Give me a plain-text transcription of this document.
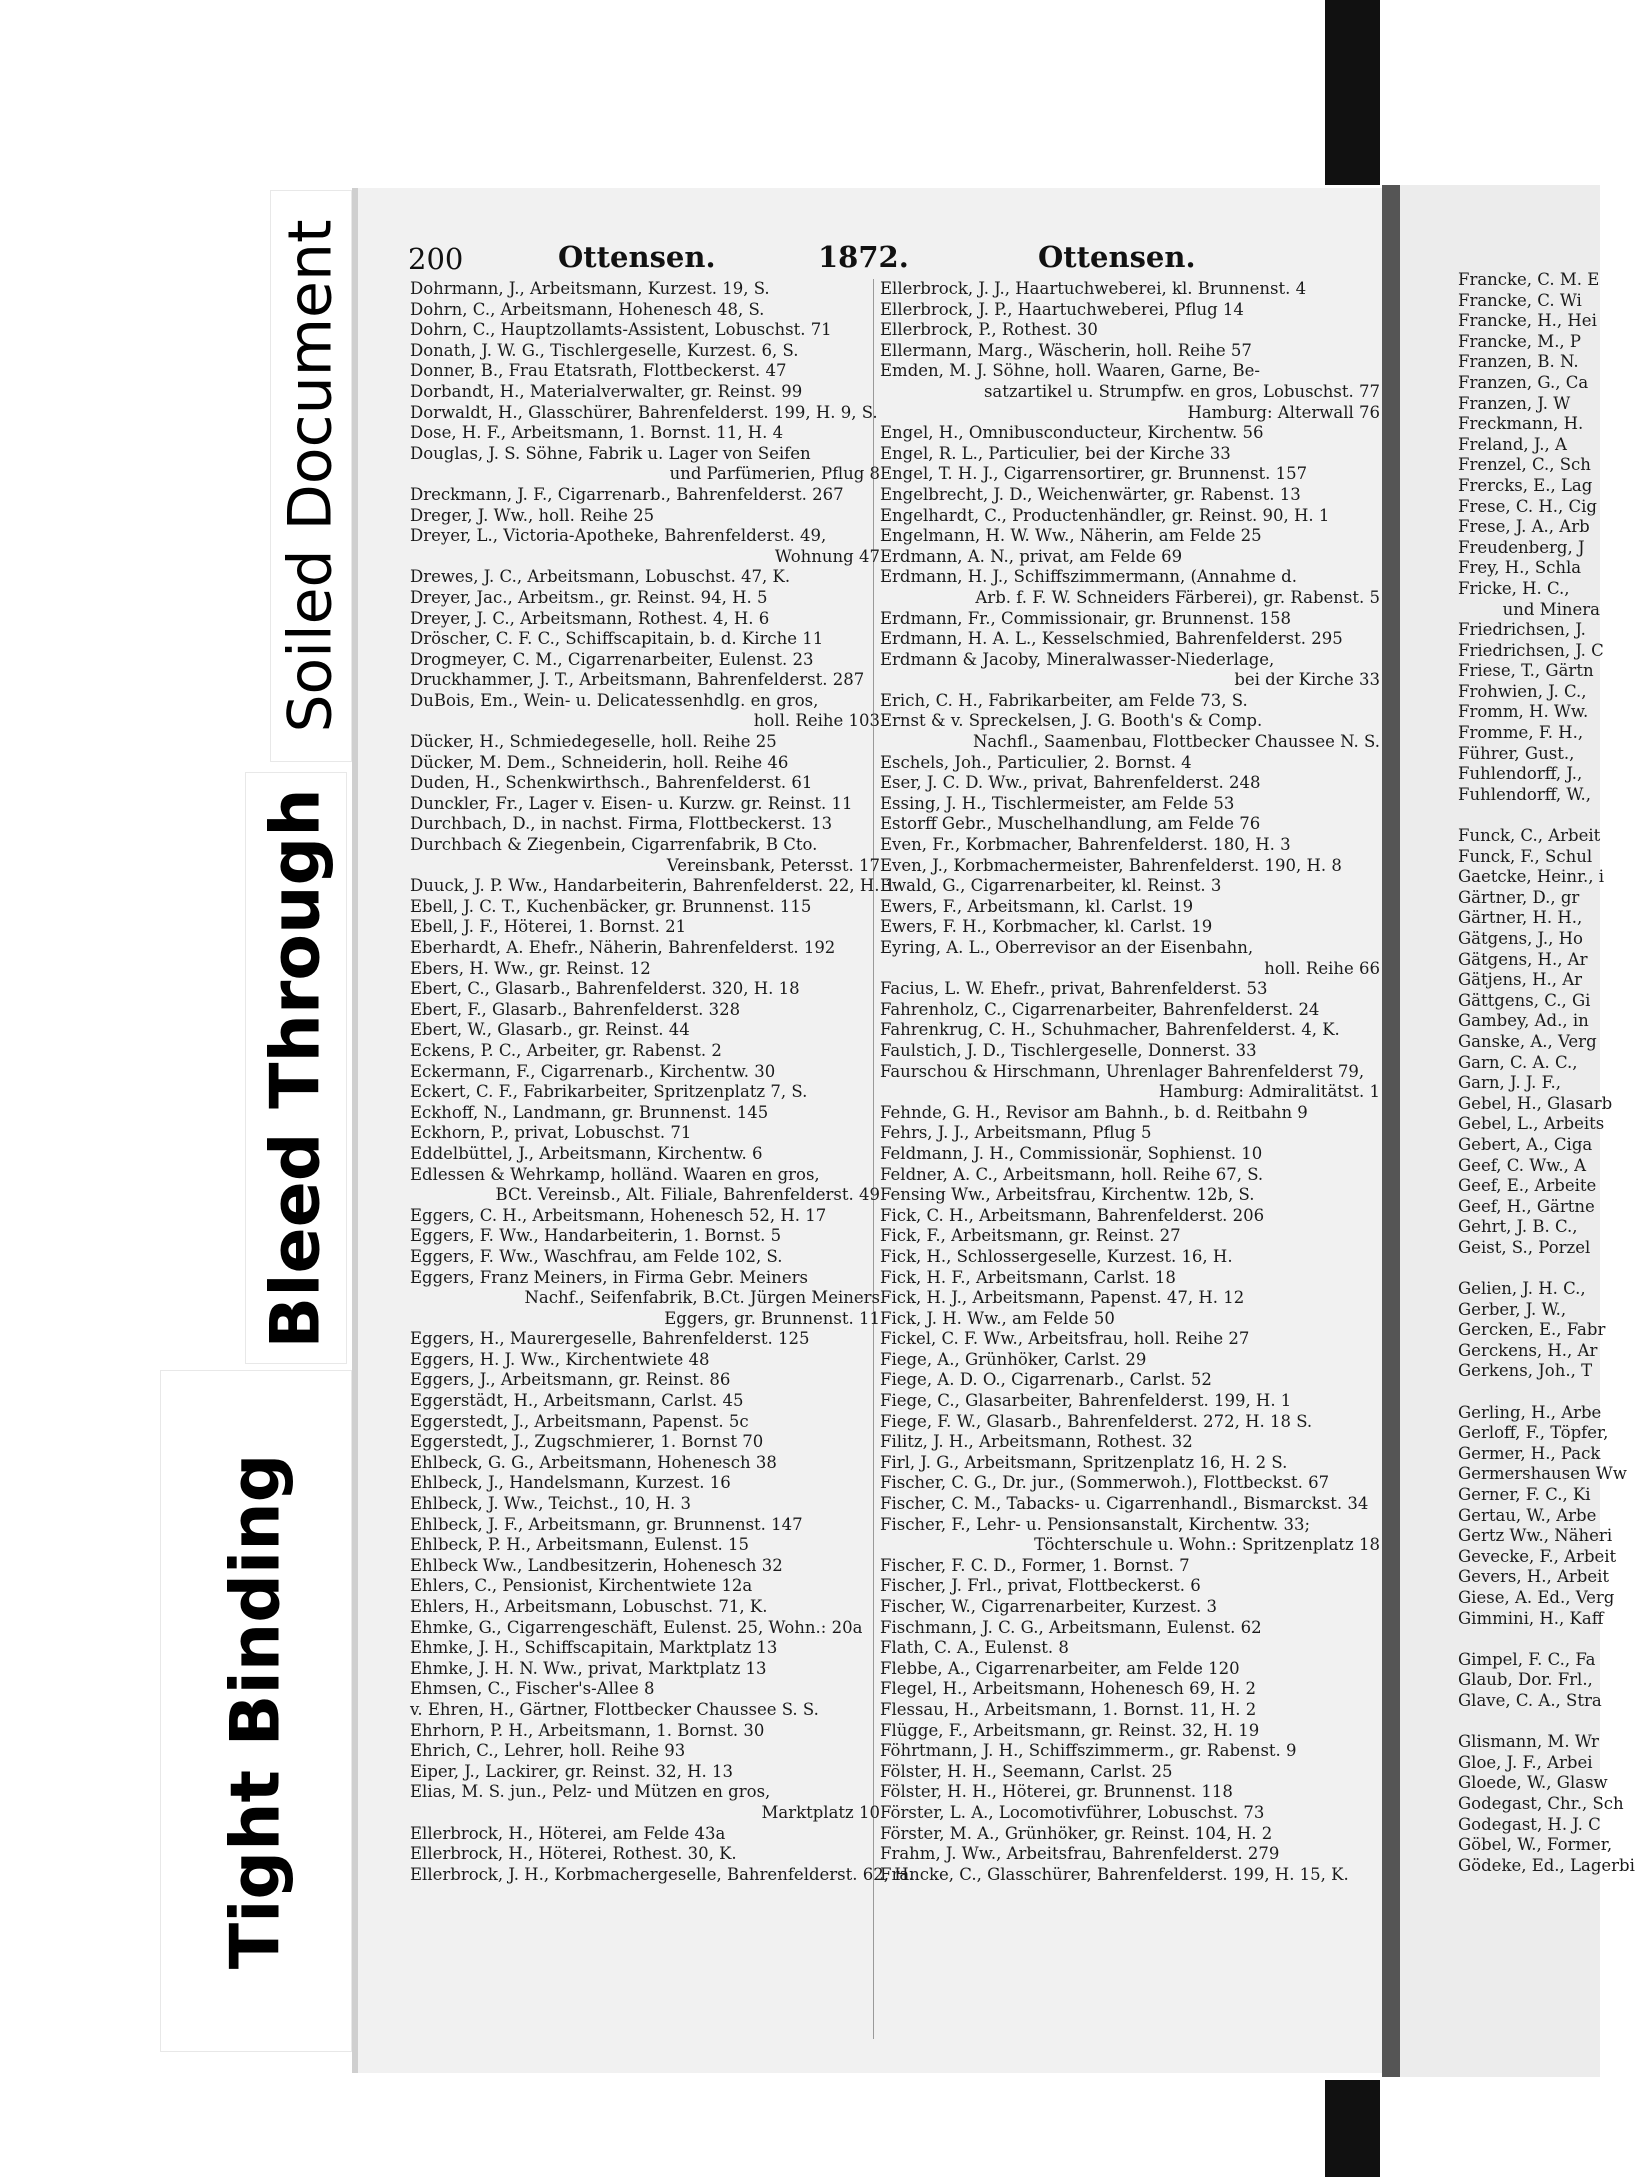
Soiled Document
Bleed Through
Tight Binding
200	Ottensen.	1872.	Ottensen.
Dohrmann, J., Arbeitsmann, Kurzest. 19, S.
Dohrn, C., Arbeitsmann, Hohenesch 48, S.
Dohrn, C., Hauptzollamts-Assistent, Lobuschst. 71
Donath, J. W. G., Tischlergeselle, Kurzest. 6, S.
Donner, B., Frau Etatsrath, Flottbeckerst. 47
Dorbandt, H., Materialverwalter, gr. Reinst. 99
Dorwaldt, H., Glasschürer, Bahrenfelderst. 199, H. 9, S.
Dose, H. F., Arbeitsmann, 1. Bornst. 11, H. 4
Douglas, J. S. Söhne, Fabrik u. Lager von Seifen
und Parfümerien, Pflug 8
Dreckmann, J. F., Cigarrenarb., Bahrenfelderst. 267
Dreger, J. Ww., holl. Reihe 25
Dreyer, L., Victoria-Apotheke, Bahrenfelderst. 49,
Wohnung 47
Drewes, J. C., Arbeitsmann, Lobuschst. 47, K.
Dreyer, Jac., Arbeitsm., gr. Reinst. 94, H. 5
Dreyer, J. C., Arbeitsmann, Rothest. 4, H. 6
Dröscher, C. F. C., Schiffscapitain, b. d. Kirche 11
Drogmeyer, C. M., Cigarrenarbeiter, Eulenst. 23
Druckhammer, J. T., Arbeitsmann, Bahrenfelderst. 287
DuBois, Em., Wein- u. Delicatessenhdlg. en gros,
holl. Reihe 103
Dücker, H., Schmiedegeselle, holl. Reihe 25
Dücker, M. Dem., Schneiderin, holl. Reihe 46
Duden, H., Schenkwirthsch., Bahrenfelderst. 61
Dunckler, Fr., Lager v. Eisen- u. Kurzw. gr. Reinst. 11
Durchbach, D., in nachst. Firma, Flottbeckerst. 13
Durchbach & Ziegenbein, Cigarrenfabrik, B Cto.
Vereinsbank, Petersst. 17
Duuck, J. P. Ww., Handarbeiterin, Bahrenfelderst. 22, H. 1
Ebell, J. C. T., Kuchenbäcker, gr. Brunnenst. 115
Ebell, J. F., Höterei, 1. Bornst. 21
Eberhardt, A. Ehefr., Näherin, Bahrenfelderst. 192
Ebers, H. Ww., gr. Reinst. 12
Ebert, C., Glasarb., Bahrenfelderst. 320, H. 18
Ebert, F., Glasarb., Bahrenfelderst. 328
Ebert, W., Glasarb., gr. Reinst. 44
Eckens, P. C., Arbeiter, gr. Rabenst. 2
Eckermann, F., Cigarrenarb., Kirchentw. 30
Eckert, C. F., Fabrikarbeiter, Spritzenplatz 7, S.
Eckhoff, N., Landmann, gr. Brunnenst. 145
Eckhorn, P., privat, Lobuschst. 71
Eddelbüttel, J., Arbeitsmann, Kirchentw. 6
Edlessen & Wehrkamp, holländ. Waaren en gros,
BCt. Vereinsb., Alt. Filiale, Bahrenfelderst. 49
Eggers, C. H., Arbeitsmann, Hohenesch 52, H. 17
Eggers, F. Ww., Handarbeiterin, 1. Bornst. 5
Eggers, F. Ww., Waschfrau, am Felde 102, S.
Eggers, Franz Meiners, in Firma Gebr. Meiners
Nachf., Seifenfabrik, B.Ct. Jürgen Meiners
Eggers, gr. Brunnenst. 11
Eggers, H., Maurergeselle, Bahrenfelderst. 125
Eggers, H. J. Ww., Kirchentwiete 48
Eggers, J., Arbeitsmann, gr. Reinst. 86
Eggerstädt, H., Arbeitsmann, Carlst. 45
Eggerstedt, J., Arbeitsmann, Papenst. 5c
Eggerstedt, J., Zugschmierer, 1. Bornst 70
Ehlbeck, G. G., Arbeitsmann, Hohenesch 38
Ehlbeck, J., Handelsmann, Kurzest. 16
Ehlbeck, J. Ww., Teichst., 10, H. 3
Ehlbeck, J. F., Arbeitsmann, gr. Brunnenst. 147
Ehlbeck, P. H., Arbeitsmann, Eulenst. 15
Ehlbeck Ww., Landbesitzerin, Hohenesch 32
Ehlers, C., Pensionist, Kirchentwiete 12a
Ehlers, H., Arbeitsmann, Lobuschst. 71, K.
Ehmke, G., Cigarrengeschäft, Eulenst. 25, Wohn.: 20a
Ehmke, J. H., Schiffscapitain, Marktplatz 13
Ehmke, J. H. N. Ww., privat, Marktplatz 13
Ehmsen, C., Fischer's-Allee 8
v. Ehren, H., Gärtner, Flottbecker Chaussee S. S.
Ehrhorn, P. H., Arbeitsmann, 1. Bornst. 30
Ehrich, C., Lehrer, holl. Reihe 93
Eiper, J., Lackirer, gr. Reinst. 32, H. 13
Elias, M. S. jun., Pelz- und Mützen en gros,
Marktplatz 10
Ellerbrock, H., Höterei, am Felde 43a
Ellerbrock, H., Höterei, Rothest. 30, K.
Ellerbrock, J. H., Korbmachergeselle, Bahrenfelderst. 62, H.
Ellerbrock, J. J., Haartuchweberei, kl. Brunnenst. 4
Ellerbrock, J. P., Haartuchweberei, Pflug 14
Ellerbrock, P., Rothest. 30
Ellermann, Marg., Wäscherin, holl. Reihe 57
Emden, M. J. Söhne, holl. Waaren, Garne, Be-
satzartikel u. Strumpfw. en gros, Lobuschst. 77
Hamburg: Alterwall 76
Engel, H., Omnibusconducteur, Kirchentw. 56
Engel, R. L., Particulier, bei der Kirche 33
Engel, T. H. J., Cigarrensortirer, gr. Brunnenst. 157
Engelbrecht, J. D., Weichenwärter, gr. Rabenst. 13
Engelhardt, C., Productenhändler, gr. Reinst. 90, H. 1
Engelmann, H. W. Ww., Näherin, am Felde 25
Erdmann, A. N., privat, am Felde 69
Erdmann, H. J., Schiffszimmermann, (Annahme d.
Arb. f. F. W. Schneiders Färberei), gr. Rabenst. 5
Erdmann, Fr., Commissionair, gr. Brunnenst. 158
Erdmann, H. A. L., Kesselschmied, Bahrenfelderst. 295
Erdmann & Jacoby, Mineralwasser-Niederlage,
bei der Kirche 33
Erich, C. H., Fabrikarbeiter, am Felde 73, S.
Ernst & v. Spreckelsen, J. G. Booth's & Comp.
Nachfl., Saamenbau, Flottbecker Chaussee N. S.
Eschels, Joh., Particulier, 2. Bornst. 4
Eser, J. C. D. Ww., privat, Bahrenfelderst. 248
Essing, J. H., Tischlermeister, am Felde 53
Estorff Gebr., Muschelhandlung, am Felde 76
Even, Fr., Korbmacher, Bahrenfelderst. 180, H. 3
Even, J., Korbmachermeister, Bahrenfelderst. 190, H. 8
Ewald, G., Cigarrenarbeiter, kl. Reinst. 3
Ewers, F., Arbeitsmann, kl. Carlst. 19
Ewers, F. H., Korbmacher, kl. Carlst. 19
Eyring, A. L., Oberrevisor an der Eisenbahn,
holl. Reihe 66
Facius, L. W. Ehefr., privat, Bahrenfelderst. 53
Fahrenholz, C., Cigarrenarbeiter, Bahrenfelderst. 24
Fahrenkrug, C. H., Schuhmacher, Bahrenfelderst. 4, K.
Faulstich, J. D., Tischlergeselle, Donnerst. 33
Faurschou & Hirschmann, Uhrenlager Bahrenfelderst 79,
Hamburg: Admiralitätst. 1
Fehnde, G. H., Revisor am Bahnh., b. d. Reitbahn 9
Fehrs, J. J., Arbeitsmann, Pflug 5
Feldmann, J. H., Commissionär, Sophienst. 10
Feldner, A. C., Arbeitsmann, holl. Reihe 67, S.
Fensing Ww., Arbeitsfrau, Kirchentw. 12b, S.
Fick, C. H., Arbeitsmann, Bahrenfelderst. 206
Fick, F., Arbeitsmann, gr. Reinst. 27
Fick, H., Schlossergeselle, Kurzest. 16, H.
Fick, H. F., Arbeitsmann, Carlst. 18
Fick, H. J., Arbeitsmann, Papenst. 47, H. 12
Fick, J. H. Ww., am Felde 50
Fickel, C. F. Ww., Arbeitsfrau, holl. Reihe 27
Fiege, A., Grünhöker, Carlst. 29
Fiege, A. D. O., Cigarrenarb., Carlst. 52
Fiege, C., Glasarbeiter, Bahrenfelderst. 199, H. 1
Fiege, F. W., Glasarb., Bahrenfelderst. 272, H. 18 S.
Filitz, J. H., Arbeitsmann, Rothest. 32
Firl, J. G., Arbeitsmann, Spritzenplatz 16, H. 2 S.
Fischer, C. G., Dr. jur., (Sommerwoh.), Flottbeckst. 67
Fischer, C. M., Tabacks- u. Cigarrenhandl., Bismarckst. 34
Fischer, F., Lehr- u. Pensionsanstalt, Kirchentw. 33;
Töchterschule u. Wohn.: Spritzenplatz 18
Fischer, F. C. D., Former, 1. Bornst. 7
Fischer, J. Frl., privat, Flottbeckerst. 6
Fischer, W., Cigarrenarbeiter, Kurzest. 3
Fischmann, J. C. G., Arbeitsmann, Eulenst. 62
Flath, C. A., Eulenst. 8
Flebbe, A., Cigarrenarbeiter, am Felde 120
Flegel, H., Arbeitsmann, Hohenesch 69, H. 2
Flessau, H., Arbeitsmann, 1. Bornst. 11, H. 2
Flügge, F., Arbeitsmann, gr. Reinst. 32, H. 19
Föhrtmann, J. H., Schiffszimmerm., gr. Rabenst. 9
Fölster, H. H., Seemann, Carlst. 25
Fölster, H. H., Höterei, gr. Brunnenst. 118
Förster, L. A., Locomotivführer, Lobuschst. 73
Förster, M. A., Grünhöker, gr. Reinst. 104, H. 2
Frahm, J. Ww., Arbeitsfrau, Bahrenfelderst. 279
Francke, C., Glasschürer, Bahrenfelderst. 199, H. 15, K.
Francke, C. M. E
Francke, C. Wi
Francke, H., Hei
Francke, M., P
Franzen, B. N.
Franzen, G., Ca
Franzen, J. W
Freckmann, H.
Freland, J., A
Frenzel, C., Sch
Frercks, E., Lag
Frese, C. H., Cig
Frese, J. A., Arb
Freudenberg, J
Frey, H., Schla
Fricke, H. C.,
und Minera
Friedrichsen, J.
Friedrichsen, J. C
Friese, T., Gärtn
Frohwien, J. C.,
Fromm, H. Ww.
Fromme, F. H.,
Führer, Gust.,
Fuhlendorff, J.,
Fuhlendorff, W.,

Funck, C., Arbeit
Funck, F., Schul
Gaetcke, Heinr., i
Gärtner, D., gr
Gärtner, H. H.,
Gätgens, J., Ho
Gätgens, H., Ar
Gätjens, H., Ar
Gättgens, C., Gi
Gambey, Ad., in
Ganske, A., Verg
Garn, C. A. C.,
Garn, J. J. F.,
Gebel, H., Glasarb
Gebel, L., Arbeits
Gebert, A., Ciga
Geef, C. Ww., A
Geef, E., Arbeite
Geef, H., Gärtne
Gehrt, J. B. C.,
Geist, S., Porzel

Gelien, J. H. C.,
Gerber, J. W.,
Gercken, E., Fabr
Gerckens, H., Ar
Gerkens, Joh., T

Gerling, H., Arbe
Gerloff, F., Töpfer,
Germer, H., Pack
Germershausen Ww
Gerner, F. C., Ki
Gertau, W., Arbe
Gertz Ww., Näheri
Gevecke, F., Arbeit
Gevers, H., Arbeit
Giese, A. Ed., Verg
Gimmini, H., Kaff

Gimpel, F. C., Fa
Glaub, Dor. Frl.,
Glave, C. A., Stra

Glismann, M. Wr
Gloe, J. F., Arbei
Gloede, W., Glasw
Godegast, Chr., Sch
Godegast, H. J. C
Göbel, W., Former,
Gödeke, Ed., Lagerbi
